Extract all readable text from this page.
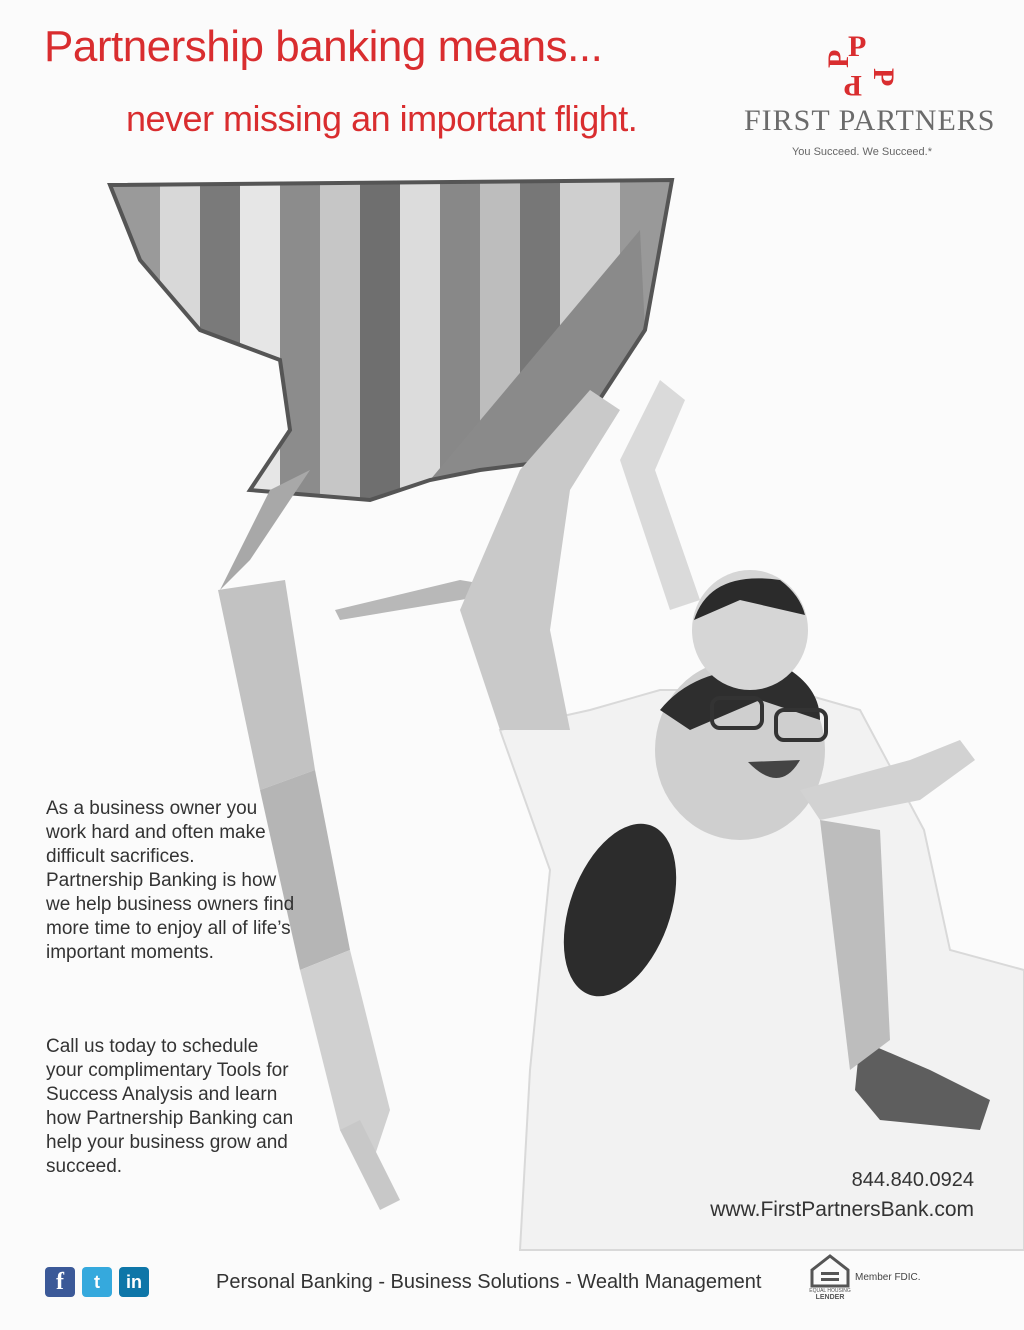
Partnership banking means...
never missing an important flight.
P
P
P
P
FIRST PARTNERS
You Succeed. We Succeed.*
As a business owner you work hard and often make difficult sacrifices. Partnership Banking is how we help business owners find more time to enjoy all of life’s important moments.
Call us today to schedule your complimentary Tools for Success Analysis and learn how Partnership Banking can help your business grow and succeed.
844.840.0924
www.FirstPartnersBank.com
f	t	in	Personal Banking - Business Solutions - Wealth Management	EQUAL HOUSING
LENDER
Member FDIC.
